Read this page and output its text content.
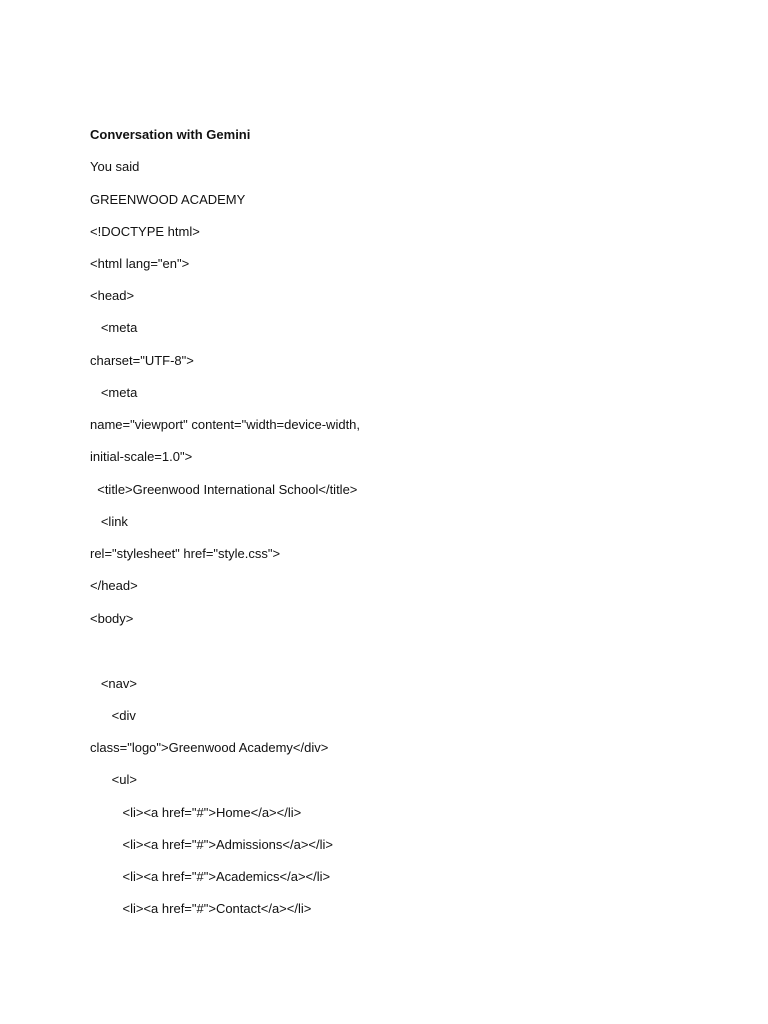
Conversation with Gemini
You said
GREENWOOD ACADEMY
<!DOCTYPE html>
<html lang="en">
<head>
<meta
charset="UTF-8">
<meta
name="viewport" content="width=device-width,
initial-scale=1.0">
<title>Greenwood International School</title>
<link
rel="stylesheet" href="style.css">
</head>
<body>
<nav>
<div
class="logo">Greenwood Academy</div>
<ul>
<li><a href="#">Home</a></li>
<li><a href="#">Admissions</a></li>
<li><a href="#">Academics</a></li>
<li><a href="#">Contact</a></li>
